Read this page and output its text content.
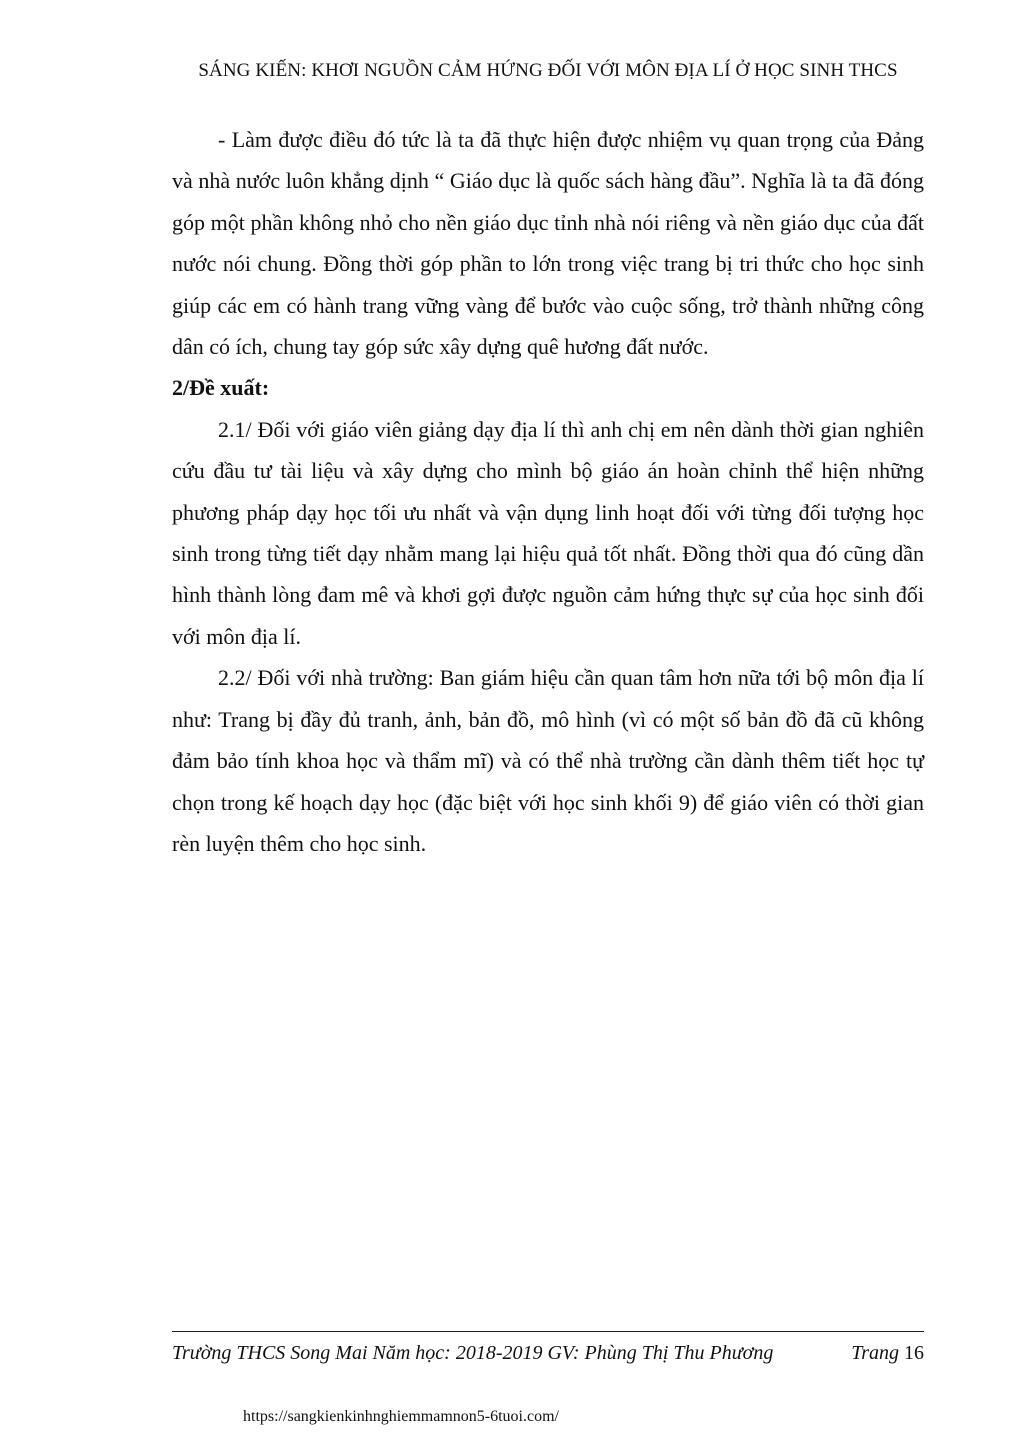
SÁNG KIẾN: KHƠI NGUỒN CẢM HỨNG ĐỐI VỚI MÔN ĐỊA LÍ Ở HỌC SINH THCS

- Làm được điều đó tức là ta đã thực hiện được nhiệm vụ quan trọng của Đảng và nhà nước luôn khẳng dịnh “ Giáo dục là quốc sách hàng đầu”. Nghĩa là ta đã đóng góp một phần không nhỏ cho nền giáo dục tỉnh nhà nói riêng và nền giáo dục của đất nước nói chung. Đồng thời góp phần to lớn trong việc trang bị tri thức cho học sinh giúp các em có hành trang vững vàng để bước vào cuộc sống, trở thành những công dân có ích, chung tay góp sức xây dựng quê hương đất nước.

2/Đề xuất:

2.1/ Đối với giáo viên giảng dạy địa lí thì anh chị em nên dành thời gian nghiên cứu đầu tư tài liệu và xây dựng cho mình bộ giáo án hoàn chỉnh thể hiện những phương pháp dạy học tối ưu nhất và vận dụng linh hoạt đối với từng đối tượng học sinh trong từng tiết dạy nhằm mang lại hiệu quả tốt nhất. Đồng thời qua đó cũng dần hình thành lòng đam mê và khơi gợi được nguồn cảm hứng thực sự của học sinh đối với môn địa lí.

2.2/ Đối với nhà trường: Ban giám hiệu cần quan tâm hơn nữa tới bộ môn địa lí như: Trang bị đầy đủ tranh, ảnh, bản đồ, mô hình (vì có một số bản đồ đã cũ không đảm bảo tính khoa học và thẩm mĩ) và có thể nhà trường cần dành thêm tiết học tự chọn trong kế hoạch dạy học (đặc biệt với học sinh khối 9) để giáo viên có thời gian rèn luyện thêm cho học sinh.

Trường THCS Song Mai Năm học: 2018-2019 GV: Phùng Thị Thu Phương	Trang 16
https://sangkienkinhnghiemmamnon5-6tuoi.com/
